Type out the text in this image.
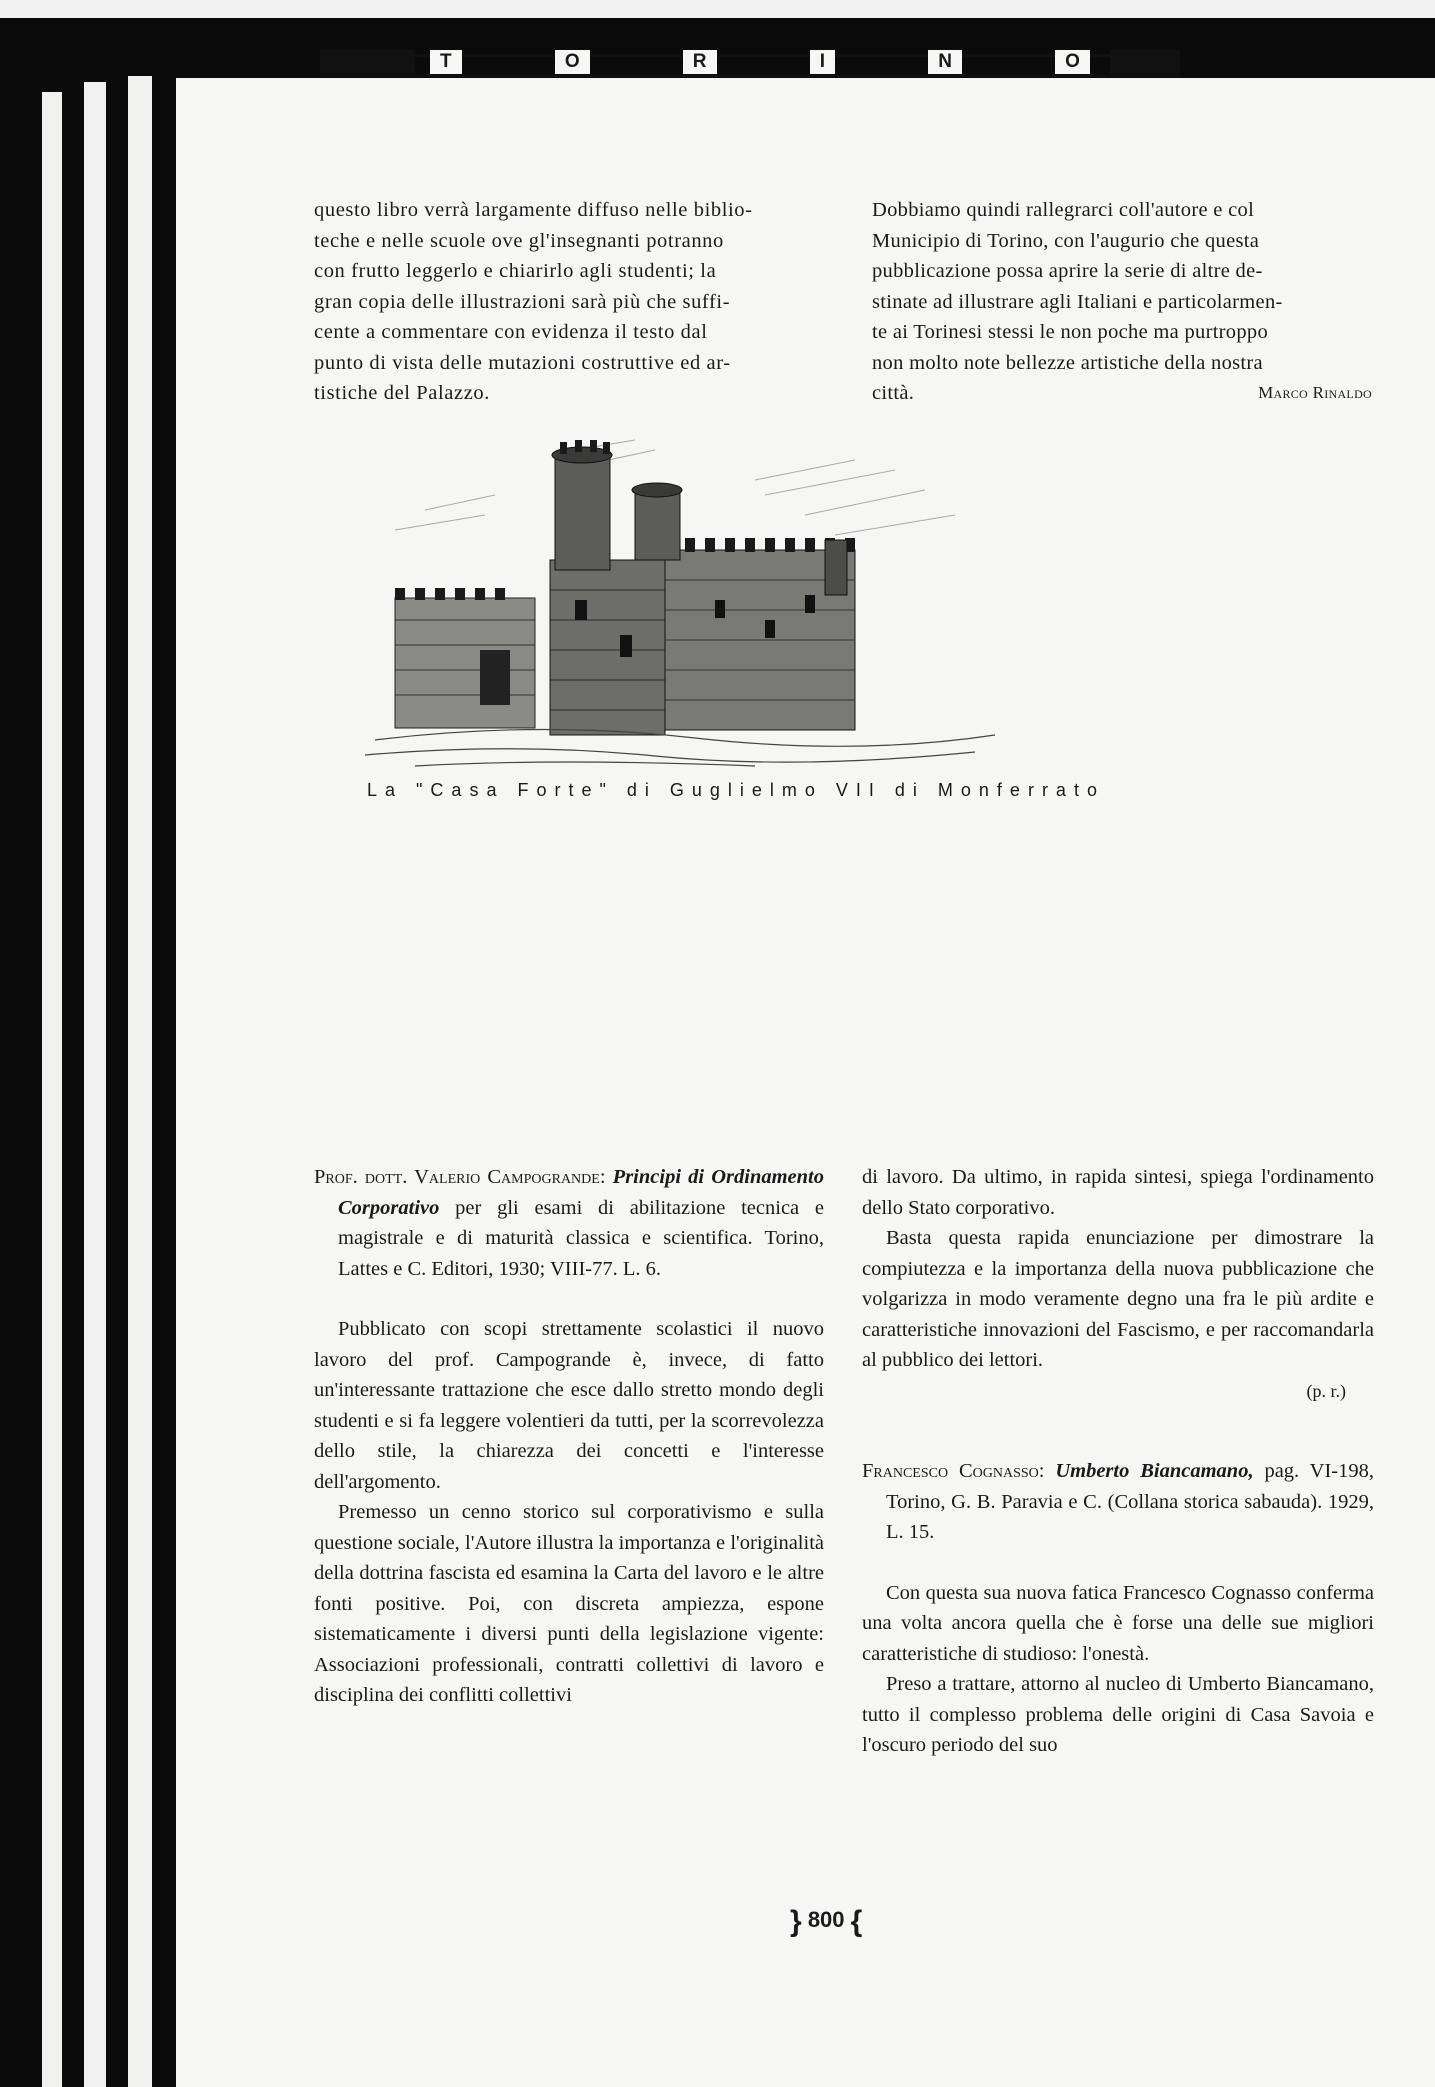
T	O	R	I	N	O
questo libro verrà largamente diffuso nelle biblio-
teche e nelle scuole ove gl'insegnanti potranno
con frutto leggerlo e chiarirlo agli studenti; la
gran copia delle illustrazioni sarà più che suffi-
cente a commentare con evidenza il testo dal
punto di vista delle mutazioni costruttive ed ar-
tistiche del Palazzo.
Dobbiamo quindi rallegrarci coll'autore e col
Municipio di Torino, con l'augurio che questa
pubblicazione possa aprire la serie di altre de-
stinate ad illustrare agli Italiani e particolarmen-
te ai Torinesi stessi le non poche ma purtroppo
non molto note bellezze artistiche della nostra
città.	Marco Rinaldo
La "Casa Forte" di Guglielmo VII di Monferrato

Prof. dott. Valerio Campogrande: Principi di Ordinamento Corporativo per gli esami di abilitazione tecnica e magistrale e di maturità classica e scientifica. Torino, Lattes e C. Editori, 1930; VIII-77. L. 6.

Pubblicato con scopi strettamente scolastici il nuovo lavoro del prof. Campogrande è, invece, di fatto un'interessante trattazione che esce dallo stretto mondo degli studenti e si fa leggere volentieri da tutti, per la scorrevolezza dello stile, la chiarezza dei concetti e l'interesse dell'argomento.

Premesso un cenno storico sul corporativismo e sulla questione sociale, l'Autore illustra la importanza e l'originalità della dottrina fascista ed esamina la Carta del lavoro e le altre fonti positive. Poi, con discreta ampiezza, espone sistematicamente i diversi punti della legislazione vigente: Associazioni professionali, contratti collettivi di lavoro e disciplina dei conflitti collettivi

di lavoro. Da ultimo, in rapida sintesi, spiega l'ordinamento dello Stato corporativo.

Basta questa rapida enunciazione per dimostrare la compiutezza e la importanza della nuova pubblicazione che volgarizza in modo veramente degno una fra le più ardite e caratteristiche innovazioni del Fascismo, e per raccomandarla al pubblico dei lettori.

(p. r.)

Francesco Cognasso: Umberto Biancamano, pag. VI-198, Torino, G. B. Paravia e C. (Collana storica sabauda). 1929, L. 15.

Con questa sua nuova fatica Francesco Cognasso conferma una volta ancora quella che è forse una delle sue migliori caratteristiche di studioso: l'onestà.

Preso a trattare, attorno al nucleo di Umberto Biancamano, tutto il complesso problema delle origini di Casa Savoia e l'oscuro periodo del suo

} 800 {
